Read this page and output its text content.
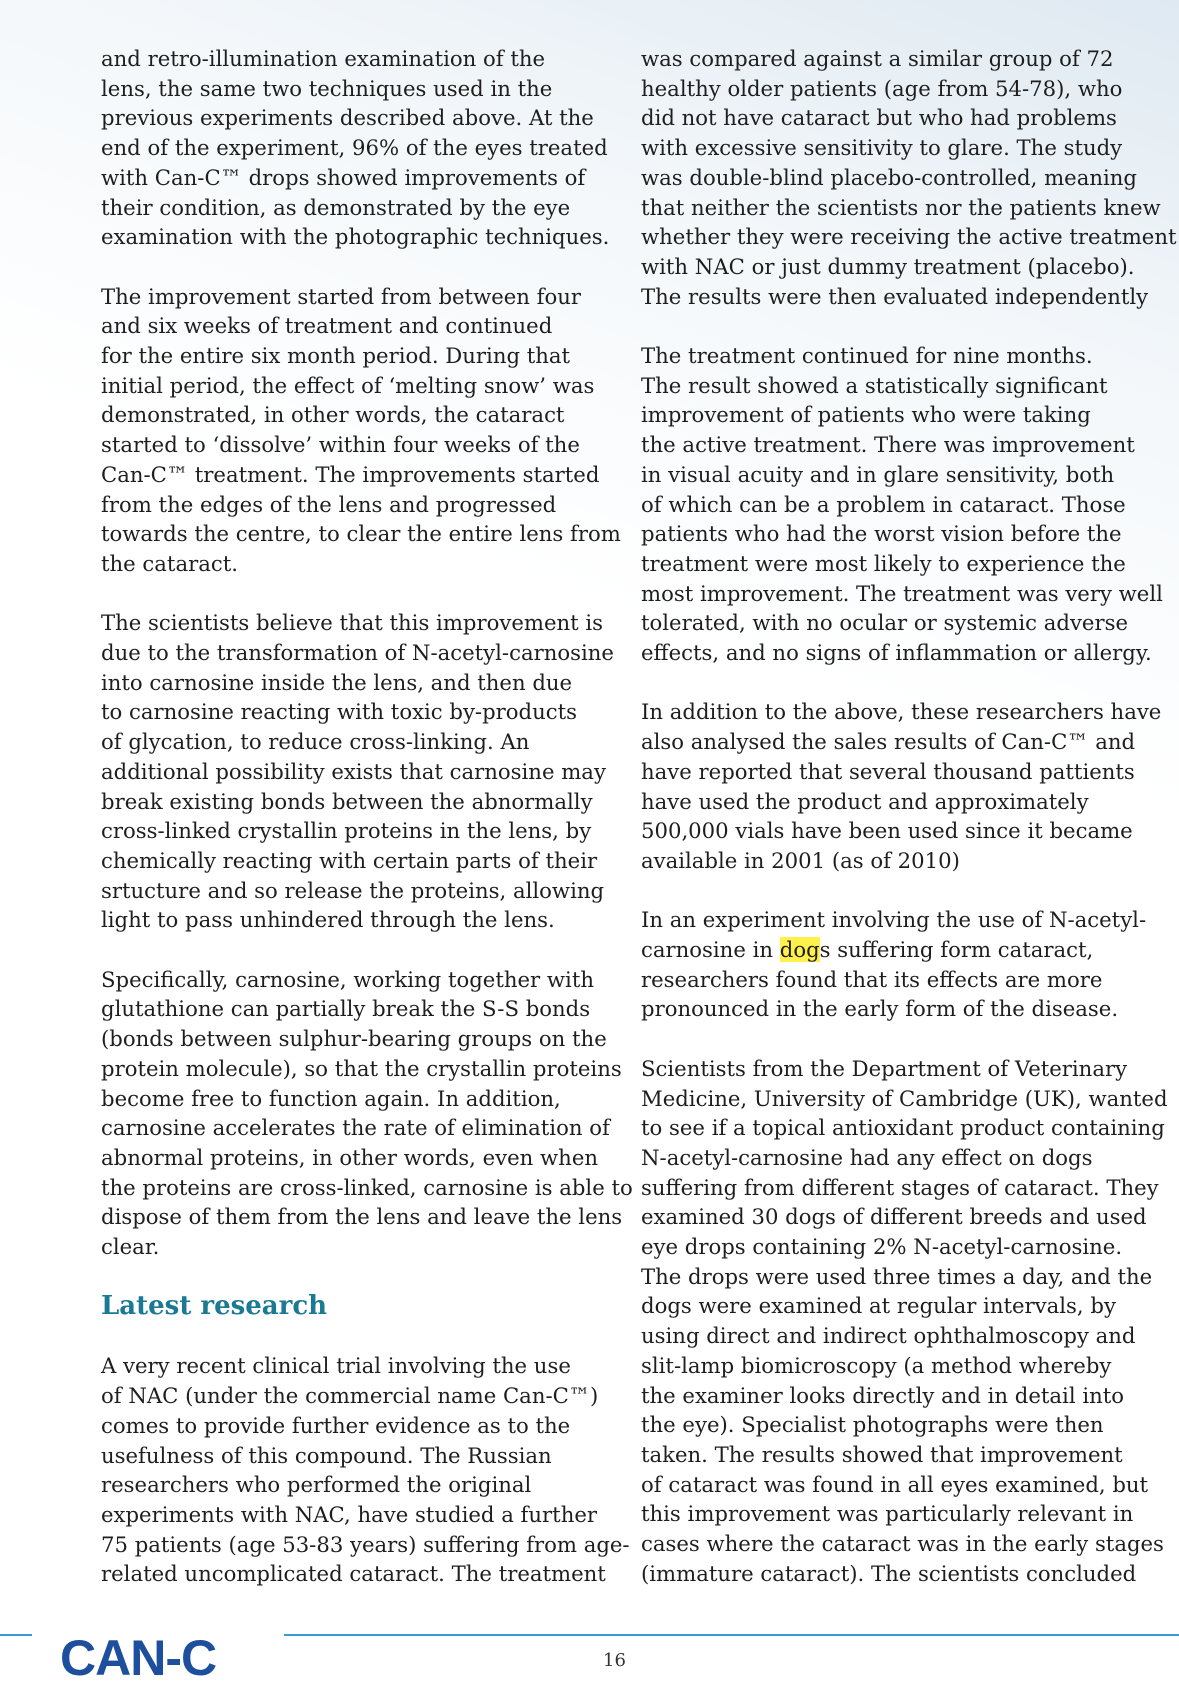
and retro-illumination examination of the
lens, the same two techniques used in the
previous experiments described above. At the
end of the experiment, 96% of the eyes treated
with Can-C™ drops showed improvements of
their condition, as demonstrated by the eye
examination with the photographic techniques.

The improvement started from between four
and six weeks of treatment and continued
for the entire six month period. During that
initial period, the effect of ‘melting snow’ was
demonstrated, in other words, the cataract
started to ‘dissolve’ within four weeks of the
Can-C™ treatment. The improvements started
from the edges of the lens and progressed
towards the centre, to clear the entire lens from
the cataract.

The scientists believe that this improvement is
due to the transformation of N-acetyl-carnosine
into carnosine inside the lens, and then due
to carnosine reacting with toxic by-products
of glycation, to reduce cross-linking. An
additional possibility exists that carnosine may
break existing bonds between the abnormally
cross-linked crystallin proteins in the lens, by
chemically reacting with certain parts of their
srtucture and so release the proteins, allowing
light to pass unhindered through the lens.

Specifically, carnosine, working together with
glutathione can partially break the S-S bonds
(bonds between sulphur-bearing groups on the
protein molecule), so that the crystallin proteins
become free to function again. In addition,
carnosine accelerates the rate of elimination of
abnormal proteins, in other words, even when
the proteins are cross-linked, carnosine is able to
dispose of them from the lens and leave the lens
clear.

Latest research

A very recent clinical trial involving the use
of NAC (under the commercial name Can-C™)
comes to provide further evidence as to the
usefulness of this compound. The Russian
researchers who performed the original
experiments with NAC, have studied a further
75 patients (age 53-83 years) suffering from age-
related uncomplicated cataract. The treatment

was compared against a similar group of 72
healthy older patients (age from 54-78), who
did not have cataract but who had problems
with excessive sensitivity to glare. The study
was double-blind placebo-controlled, meaning
that neither the scientists nor the patients knew
whether they were receiving the active treatment
with NAC or just dummy treatment (placebo).
The results were then evaluated independently

The treatment continued for nine months.
The result showed a statistically significant
improvement of patients who were taking
the active treatment. There was improvement
in visual acuity and in glare sensitivity, both
of which can be a problem in cataract. Those
patients who had the worst vision before the
treatment were most likely to experience the
most improvement. The treatment was very well
tolerated, with no ocular or systemic adverse
effects, and no signs of inflammation or allergy.

In addition to the above, these researchers have
also analysed the sales results of Can-C™ and
have reported that several thousand pattients
have used the product and approximately
500,000 vials have been used since it became
available in 2001 (as of 2010)

In an experiment involving the use of N-acetyl-
carnosine in dogs suffering form cataract,
researchers found that its effects are more
pronounced in the early form of the disease.

Scientists from the Department of Veterinary
Medicine, University of Cambridge (UK), wanted
to see if a topical antioxidant product containing
N-acetyl-carnosine had any effect on dogs
suffering from different stages of cataract. They
examined 30 dogs of different breeds and used
eye drops containing 2% N-acetyl-carnosine.
The drops were used three times a day, and the
dogs were examined at regular intervals, by
using direct and indirect ophthalmoscopy and
slit-lamp biomicroscopy (a method whereby
the examiner looks directly and in detail into
the eye). Specialist photographs were then
taken. The results showed that improvement
of cataract was found in all eyes examined, but
this improvement was particularly relevant in
cases where the cataract was in the early stages
(immature cataract). The scientists concluded

CAN-C	16
